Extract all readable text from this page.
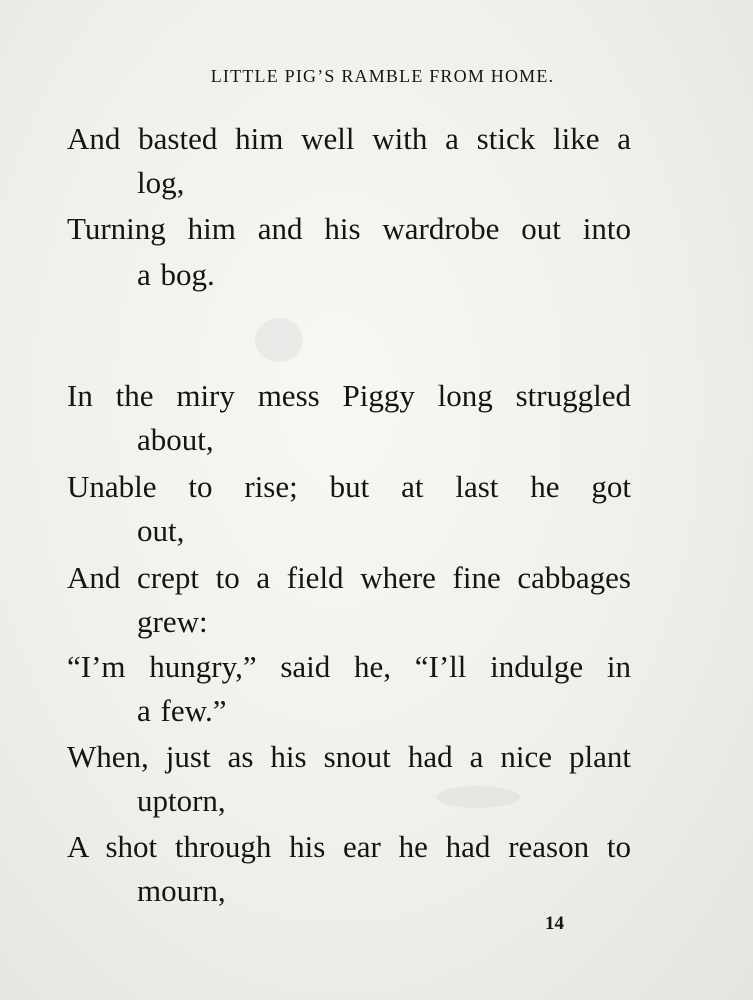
LITTLE PIG’S RAMBLE FROM HOME.
And basted him well with a stick like a
log,
Turning him and his wardrobe out into
a bog.
In the miry mess Piggy long struggled
about,
Unable to rise; but at last he got
out,
And crept to a field where fine cabbages
grew:
“I’m hungry,” said he, “I’ll indulge in
a few.”
When, just as his snout had a nice plant
uptorn,
A shot through his ear he had reason to
mourn,
14
